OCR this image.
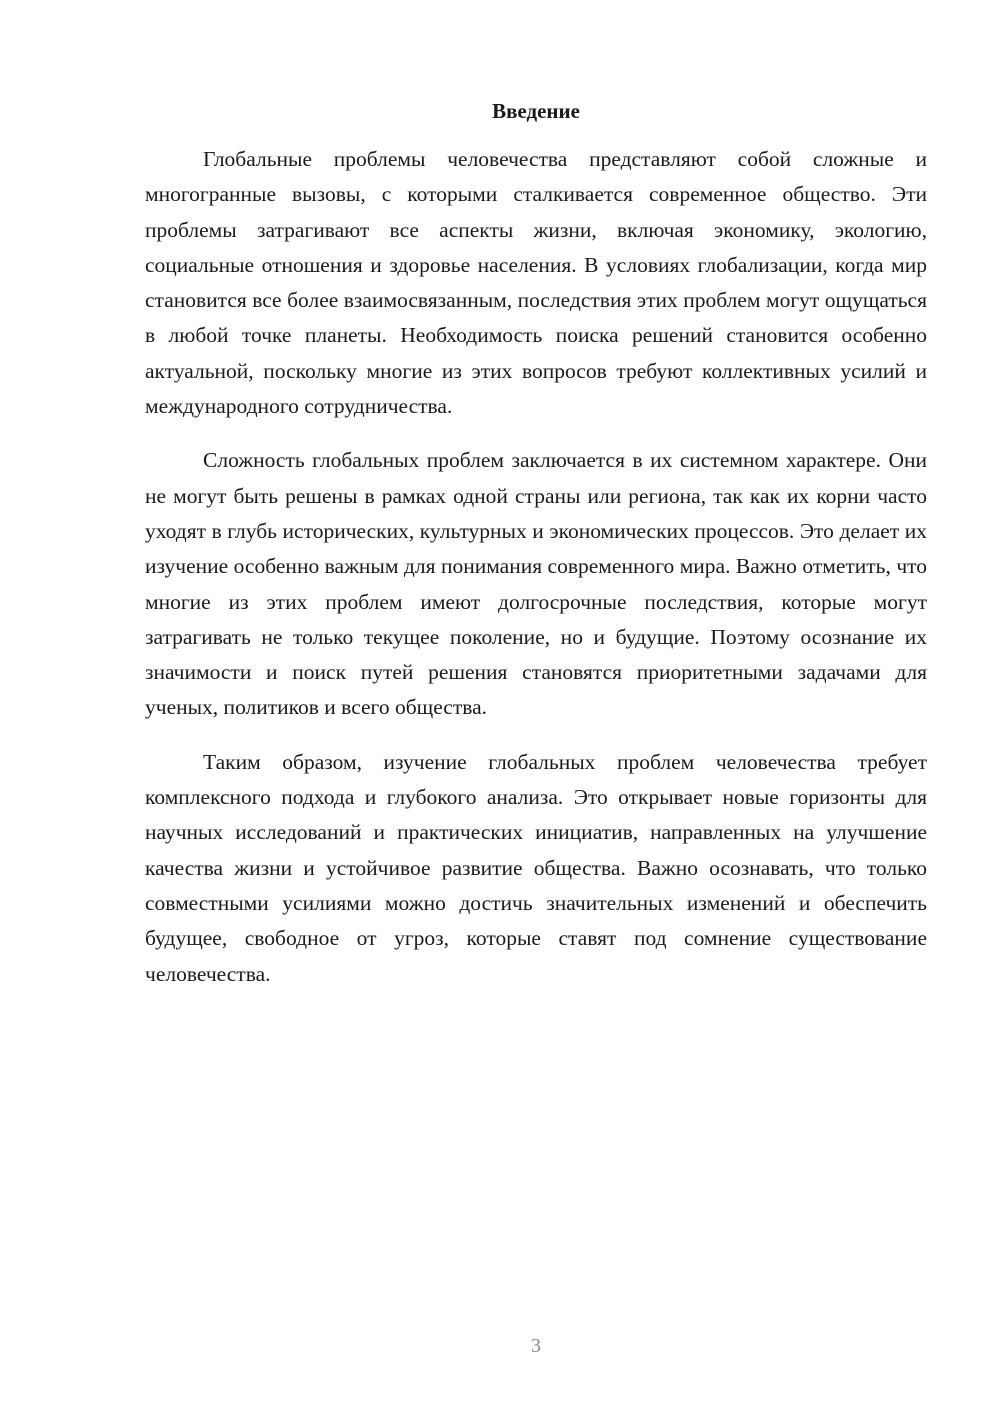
Введение

Глобальные проблемы человечества представляют собой сложные и многогранные вызовы, с которыми сталкивается современное общество. Эти проблемы затрагивают все аспекты жизни, включая экономику, экологию, социальные отношения и здоровье населения. В условиях глобализации, когда мир становится все более взаимосвязанным, последствия этих проблем могут ощущаться в любой точке планеты. Необходимость поиска решений становится особенно актуальной, поскольку многие из этих вопросов требуют коллективных усилий и международного сотрудничества.

Сложность глобальных проблем заключается в их системном характере. Они не могут быть решены в рамках одной страны или региона, так как их корни часто уходят в глубь исторических, культурных и экономических процессов. Это делает их изучение особенно важным для понимания современного мира. Важно отметить, что многие из этих проблем имеют долгосрочные последствия, которые могут затрагивать не только текущее поколение, но и будущие. Поэтому осознание их значимости и поиск путей решения становятся приоритетными задачами для ученых, политиков и всего общества.

Таким образом, изучение глобальных проблем человечества требует комплексного подхода и глубокого анализа. Это открывает новые горизонты для научных исследований и практических инициатив, направленных на улучшение качества жизни и устойчивое развитие общества. Важно осознавать, что только совместными усилиями можно достичь значительных изменений и обеспечить будущее, свободное от угроз, которые ставят под сомнение существование человечества.

3
